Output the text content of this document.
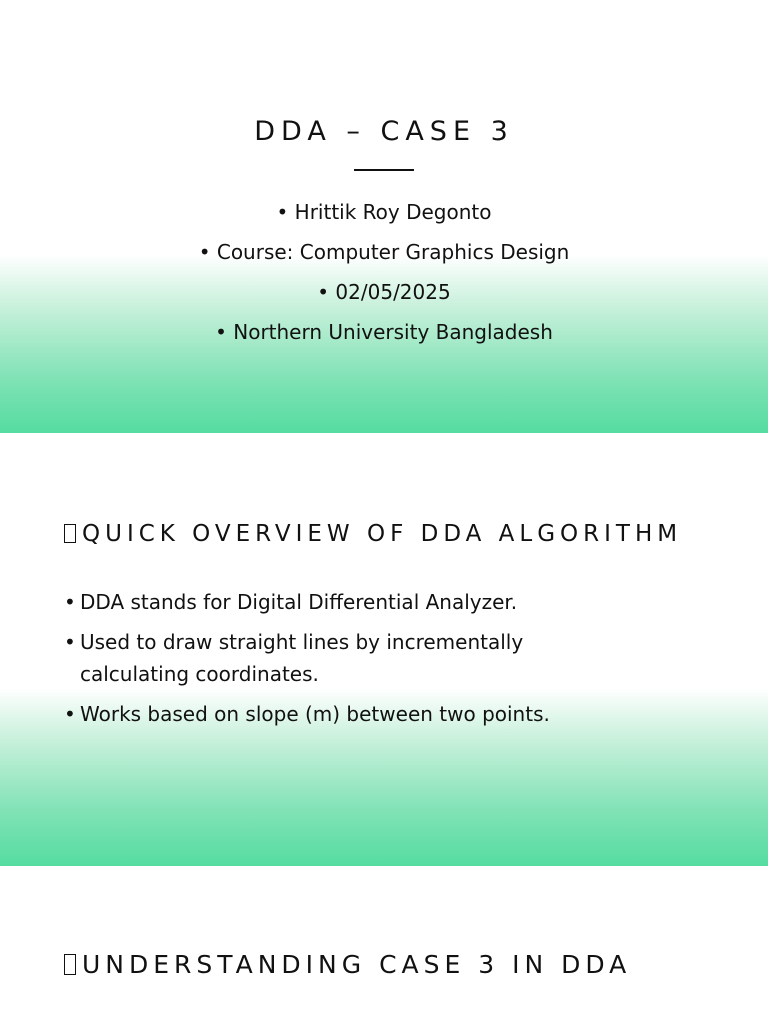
DDA – CASE 3
• Hrittik Roy Degonto
• Course: Computer Graphics Design
• 02/05/2025
• Northern University Bangladesh
QUICK OVERVIEW OF DDA ALGORITHM
• DDA stands for Digital Differential Analyzer.
• Used to draw straight lines by incrementally calculating coordinates.
• Works based on slope (m) between two points.
UNDERSTANDING CASE 3 IN DDA
